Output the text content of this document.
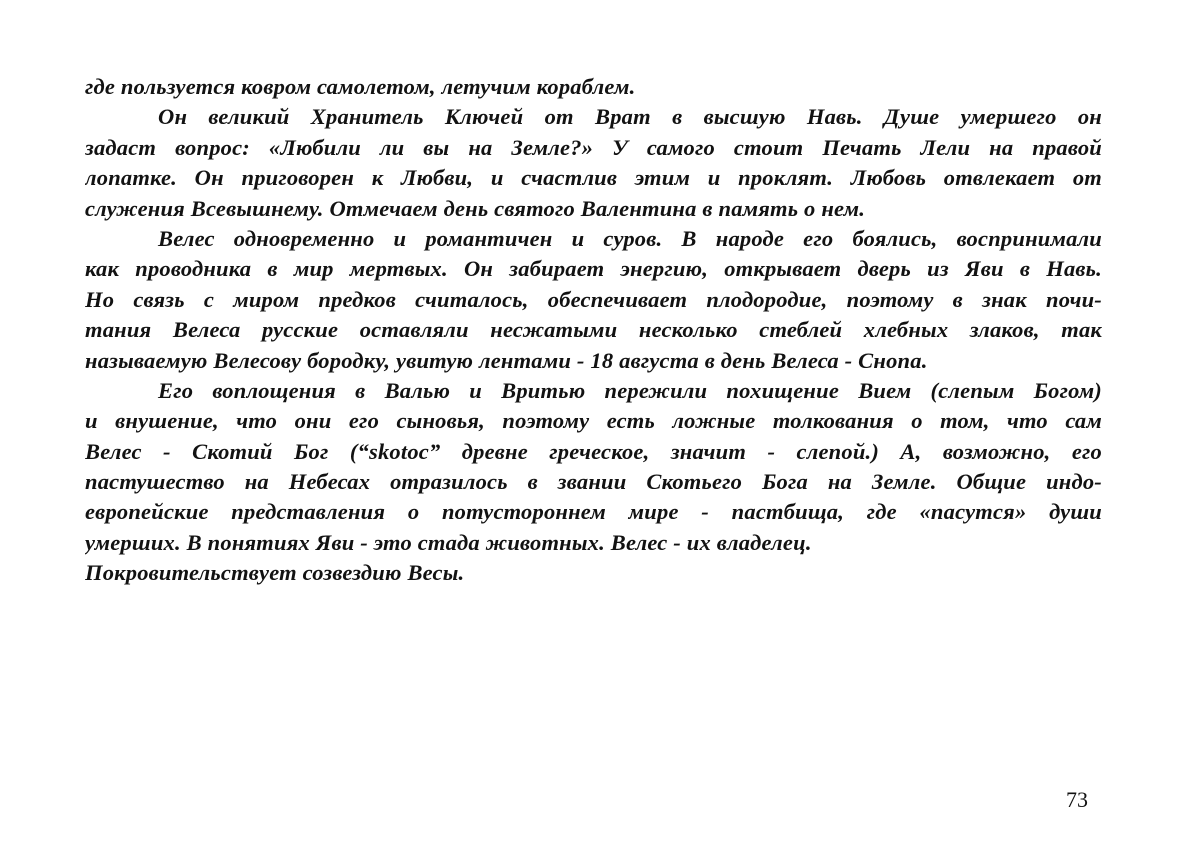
где пользуется ковром самолетом, летучим кораблем.
Он великий Хранитель Ключей от Врат в высшую Навь. Душе умершего он
задаст вопрос: «Любили ли вы на Земле?» У самого стоит Печать Лели на правой
лопатке. Он приговорен к Любви, и счастлив этим и проклят. Любовь отвлекает от
служения Всевышнему. Отмечаем день святого Валентина в память о нем.
Велес одновременно и романтичен и суров. В народе его боялись, воспринимали
как проводника в мир мертвых. Он забирает энергию, открывает дверь из Яви в Навь.
Но связь с миром предков считалось, обеспечивает плодородие, поэтому в знак почи-
тания Велеса русские оставляли несжатыми несколько стеблей хлебных злаков, так
называемую Велесову бородку, увитую лентами - 18 августа в день Велеса - Снопа.
Его воплощения в Валью и Вритью пережили похищение Вием (слепым Богом)
и внушение, что они его сыновья, поэтому есть ложные толкования о том, что сам
Велес - Скотий Бог (“skotoc” древне греческое, значит - слепой.) А, возможно, его
пастушество на Небесах отразилось в звании Скотьего Бога на Земле. Общие индо-
европейские представления о потустороннем мире - пастбища, где «пасутся» души
умерших. В понятиях Яви - это стада животных. Велес - их владелец.
Покровительствует созвездию Весы.
73
